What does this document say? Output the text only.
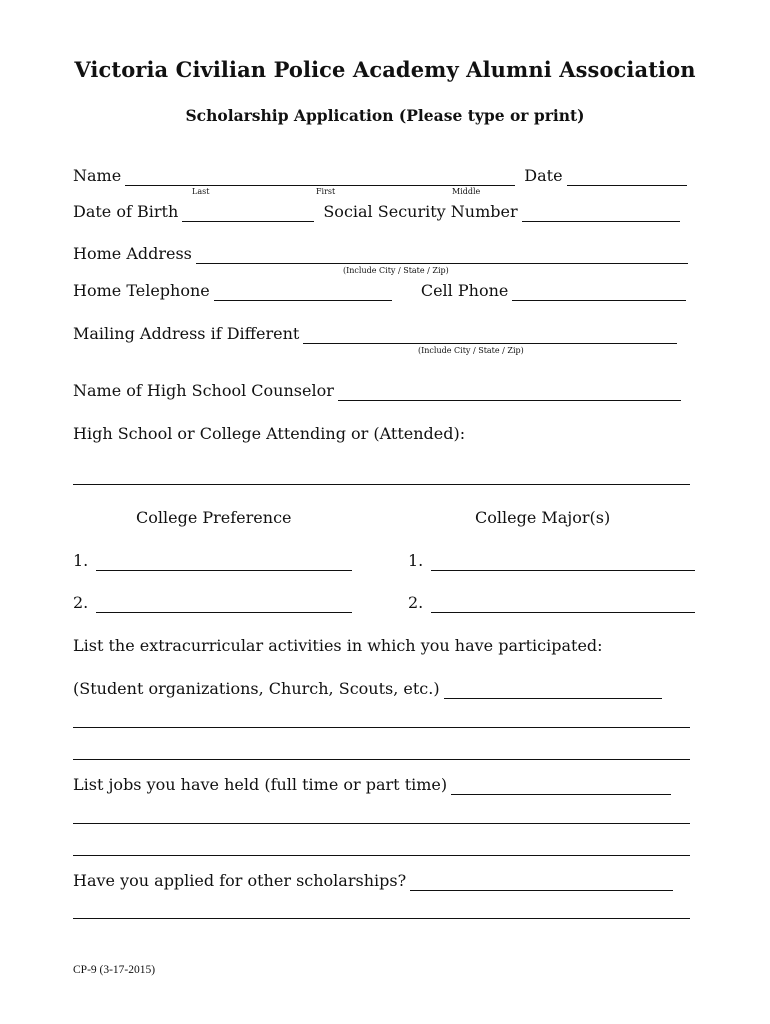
Victoria Civilian Police Academy Alumni Association
Scholarship Application (Please type or print)
Name	Date
Last	First	Middle
Date of Birth	Social Security Number
Home Address
(Include City / State / Zip)
Home Telephone	Cell Phone
Mailing Address if Different
(Include City / State / Zip)
Name of High School Counselor
High School or College Attending or (Attended):
College Preference	College Major(s)
1.	1.
2.	2.
List the extracurricular activities in which you have participated:
(Student organizations, Church, Scouts, etc.)
List jobs you have held (full time or part time)
Have you applied for other scholarships?
CP-9 (3-17-2015)
